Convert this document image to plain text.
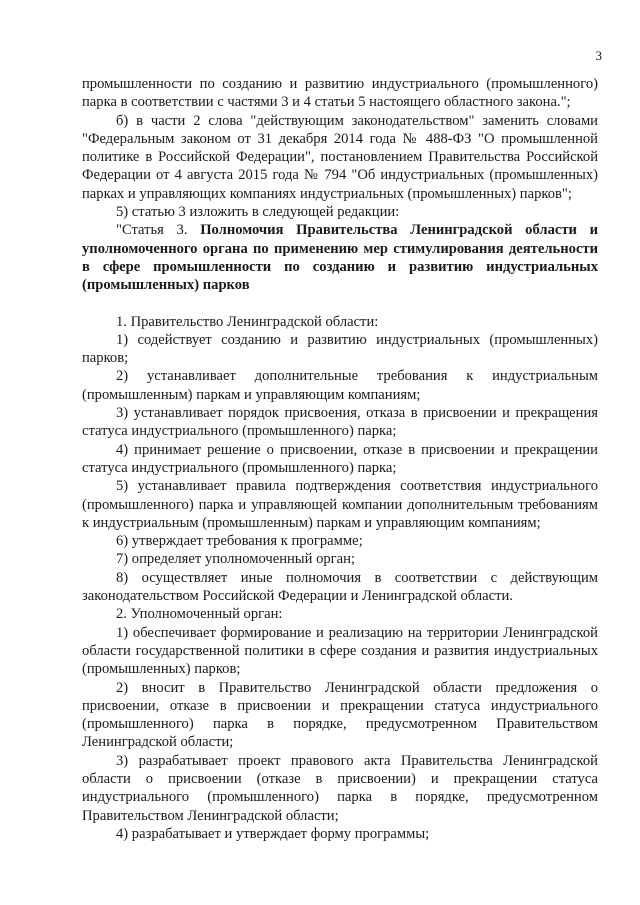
3

промышленности по созданию и развитию индустриального (промышленного) парка в соответствии с частями 3 и 4 статьи 5 настоящего областного закона.";

б) в части 2 слова "действующим законодательством" заменить словами "Федеральным законом от 31 декабря 2014 года № 488-ФЗ "О промышленной политике в Российской Федерации", постановлением Правительства Российской Федерации от 4 августа 2015 года № 794 "Об индустриальных (промышленных) парках и управляющих компаниях индустриальных (промышленных) парков";

5) статью 3 изложить в следующей редакции:

"Статья 3. Полномочия Правительства Ленинградской области и уполномоченного органа по применению мер стимулирования деятельности в сфере промышленности по созданию и развитию индустриальных (промышленных) парков

1. Правительство Ленинградской области:

1) содействует созданию и развитию индустриальных (промышленных) парков;

2) устанавливает дополнительные требования к индустриальным (промышленным) паркам и управляющим компаниям;

3) устанавливает порядок присвоения, отказа в присвоении и прекращения статуса индустриального (промышленного) парка;

4) принимает решение о присвоении, отказе в присвоении и прекращении статуса индустриального (промышленного) парка;

5) устанавливает правила подтверждения соответствия индустриального (промышленного) парка и управляющей компании дополнительным требованиям к индустриальным (промышленным) паркам и управляющим компаниям;

6) утверждает требования к программе;

7) определяет уполномоченный орган;

8) осуществляет иные полномочия в соответствии с действующим законодательством Российской Федерации и Ленинградской области.

2. Уполномоченный орган:

1) обеспечивает формирование и реализацию на территории Ленинградской области государственной политики в сфере создания и развития индустриальных (промышленных) парков;

2) вносит в Правительство Ленинградской области предложения о присвоении, отказе в присвоении и прекращении статуса индустриального (промышленного) парка в порядке, предусмотренном Правительством Ленинградской области;

3) разрабатывает проект правового акта Правительства Ленинградской области о присвоении (отказе в присвоении) и прекращении статуса индустриального (промышленного) парка в порядке, предусмотренном Правительством Ленинградской области;

4) разрабатывает и утверждает форму программы;
